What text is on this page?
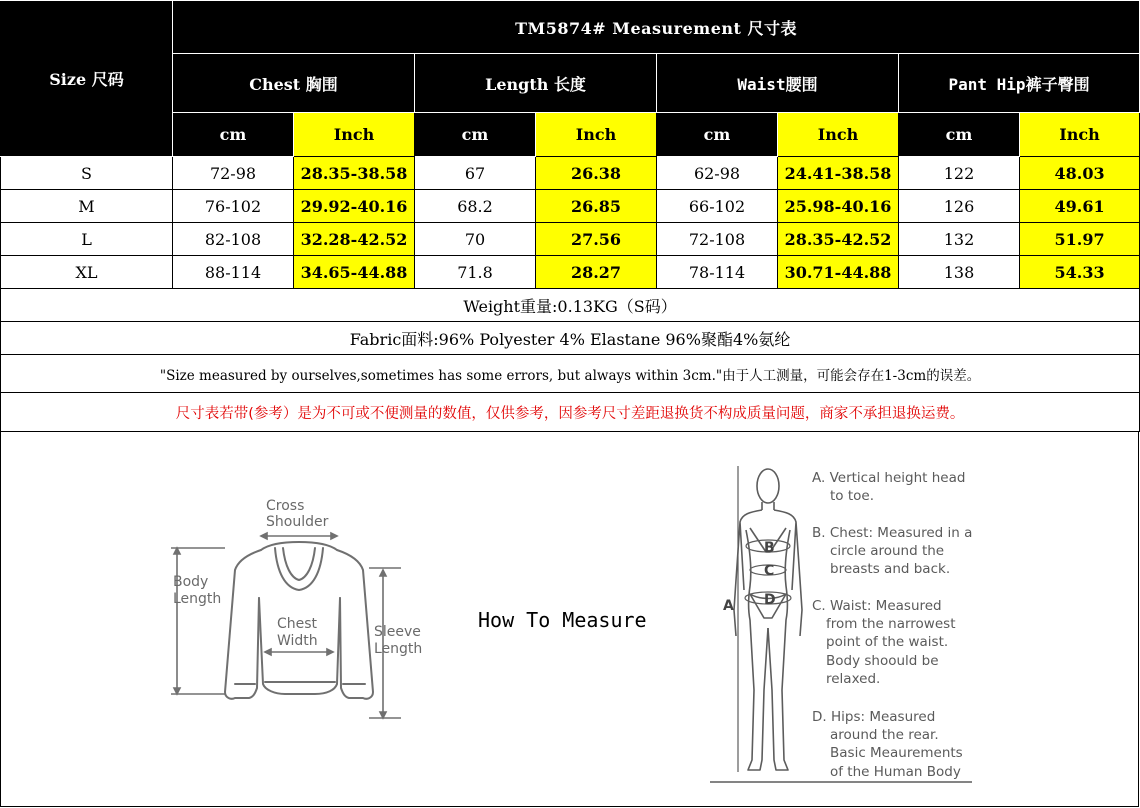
Size 尺码	TM5874# Measurement 尺寸表							
	Chest 胸围		Length 长度		Waist腰围		Pant Hip裤子臀围	
	cm	Inch	cm	Inch	cm	Inch	cm	Inch
S	72-98	28.35-38.58	67	26.38	62-98	24.41-38.58	122	48.03
M	76-102	29.92-40.16	68.2	26.85	66-102	25.98-40.16	126	49.61
L	82-108	32.28-42.52	70	27.56	72-108	28.35-42.52	132	51.97
XL	88-114	34.65-44.88	71.8	28.27	78-114	30.71-44.88	138	54.33
Weight重量:0.13KG（S码）								
Fabric面料:96% Polyester 4% Elastane 96%聚酯4%氨纶								
"Size measured by ourselves,sometimes has some errors, but always within 3cm."由于人工测量，可能会存在1-3cm的误差。								
尺寸表若带(参考）是为不可或不便测量的数值，仅供参考，因参考尺寸差距退换货不构成质量问题，商家不承担退换运费。								
Cross
Shoulder
Body
Length
Chest
Width
Sleeve
Length
How To Measure
B
C
D
A
A. Vertical height head
to toe.
B. Chest: Measured in a
circle around the
breasts and back.
C. Waist: Measured
from the narrowest
point of the waist.
Body shoould be
relaxed.
D. Hips: Measured
around the rear.
Basic Meaurements
of the Human Body
